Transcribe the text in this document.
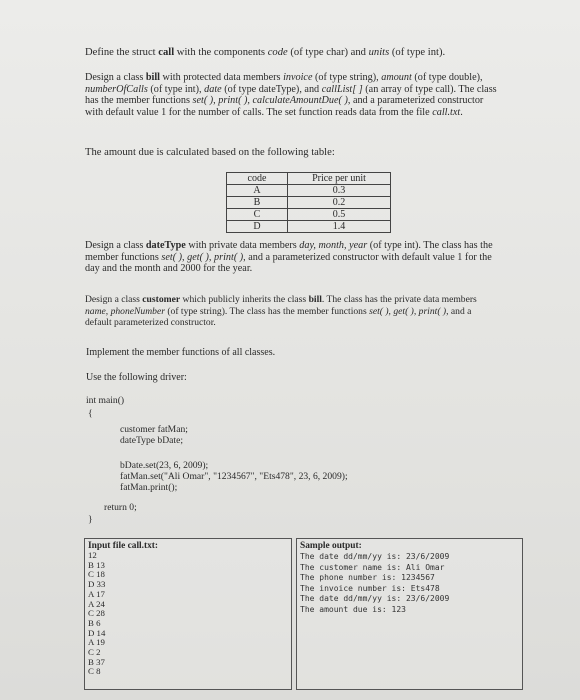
Define the struct call with the components code (of type char) and units (of type int).
Design a class bill with protected data members invoice (of type string), amount (of type double),
numberOfCalls (of type int), date (of type dateType), and callList[ ] (an array of type call). The class
has the member functions set( ), print( ), calculateAmountDue( ), and a parameterized constructor
with default value 1 for the number of calls. The set function reads data from the file call.txt.
The amount due is calculated based on the following table:
code	Price per unit
A	0.3
B	0.2
C	0.5
D	1.4
Design a class dateType with private data members day, month, year (of type int). The class has the
member functions set( ), get( ), print( ), and a parameterized constructor with default value 1 for the
day and the month and 2000 for the year.
Design a class customer which publicly inherits the class bill. The class has the private data members
name, phoneNumber (of type string). The class has the member functions set( ), get( ), print( ), and a
default parameterized constructor.
Implement the member functions of all classes.
Use the following driver:
int main()
{
customer fatMan;
dateType bDate;
bDate.set(23, 6, 2009);
fatMan.set("Ali Omar", "1234567", "Ets478", 23, 6, 2009);
fatMan.print();
return 0;
}
Input file call.txt:
12
B 13
C 18
D 33
A 17
A 24
C 28
B 6
D 14
A 19
C 2
B 37
C 8
Sample output:
The date dd/mm/yy is: 23/6/2009
The customer name is: Ali Omar
The phone number is: 1234567
The invoice number is: Ets478
The date dd/mm/yy is: 23/6/2009
The amount due is: 123
